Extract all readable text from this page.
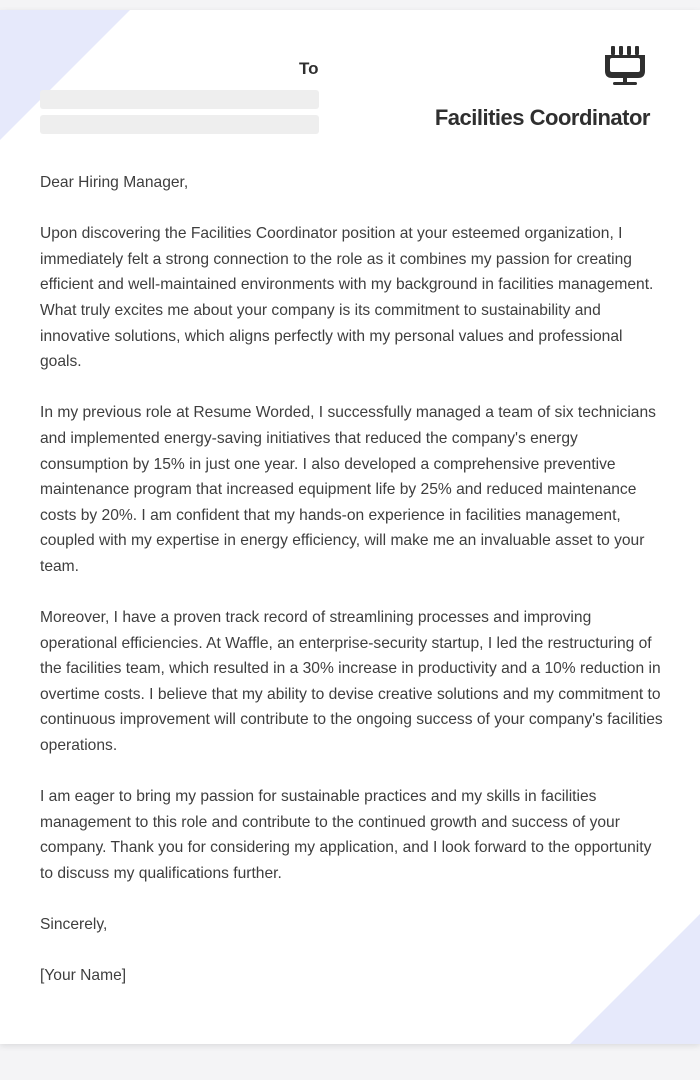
To
Facilities Coordinator

Dear Hiring Manager,

Upon discovering the Facilities Coordinator position at your esteemed organization, I immediately felt a strong connection to the role as it combines my passion for creating efficient and well-maintained environments with my background in facilities management. What truly excites me about your company is its commitment to sustainability and innovative solutions, which aligns perfectly with my personal values and professional goals.

In my previous role at Resume Worded, I successfully managed a team of six technicians and implemented energy-saving initiatives that reduced the company's energy consumption by 15% in just one year. I also developed a comprehensive preventive maintenance program that increased equipment life by 25% and reduced maintenance costs by 20%. I am confident that my hands-on experience in facilities management, coupled with my expertise in energy efficiency, will make me an invaluable asset to your team.

Moreover, I have a proven track record of streamlining processes and improving operational efficiencies. At Waffle, an enterprise-security startup, I led the restructuring of the facilities team, which resulted in a 30% increase in productivity and a 10% reduction in overtime costs. I believe that my ability to devise creative solutions and my commitment to continuous improvement will contribute to the ongoing success of your company's facilities operations.

I am eager to bring my passion for sustainable practices and my skills in facilities management to this role and contribute to the continued growth and success of your company. Thank you for considering my application, and I look forward to the opportunity to discuss my qualifications further.

Sincerely,

[Your Name]
